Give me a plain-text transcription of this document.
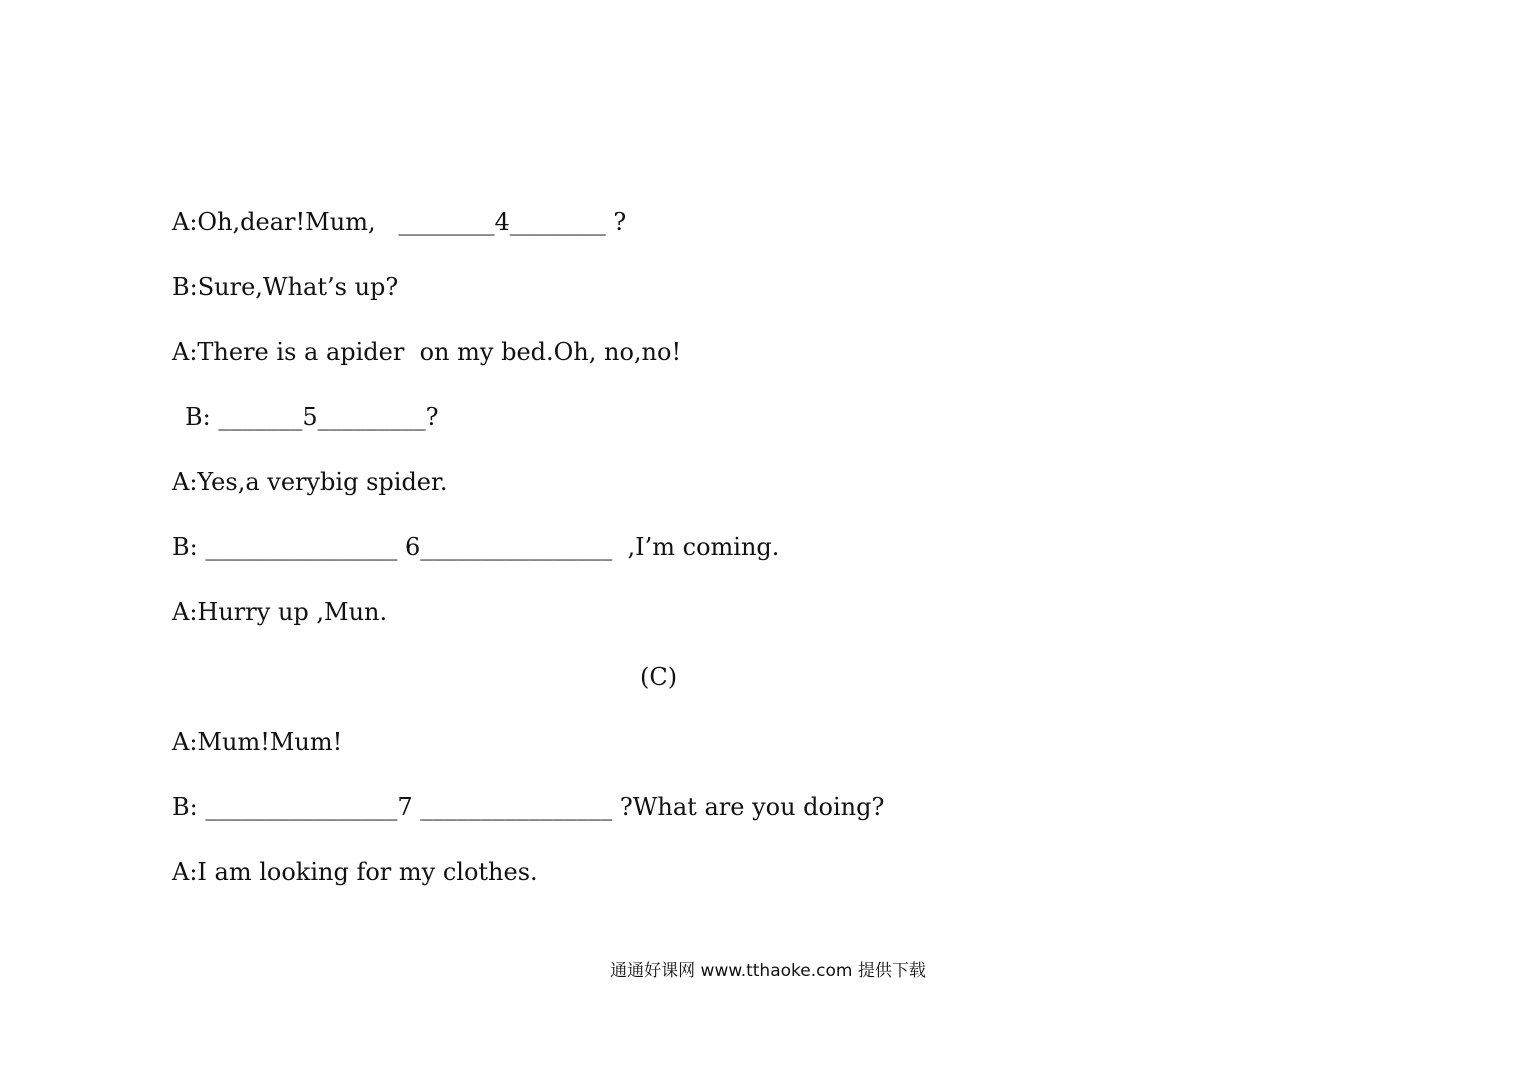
A:Oh,dear!Mum,   ________4________ ?

B:Sure,What’s up?

A:There is a apider  on my bed.Oh, no,no!

B: _______5_________?

A:Yes,a verybig spider.

B: ________________ 6________________  ,I’m coming.

A:Hurry up ,Mun.

(C)

A:Mum!Mum!

B: ________________7 ________________ ?What are you doing?

A:I am looking for my clothes.

通通好课网 www.tthaoke.com 提供下载
